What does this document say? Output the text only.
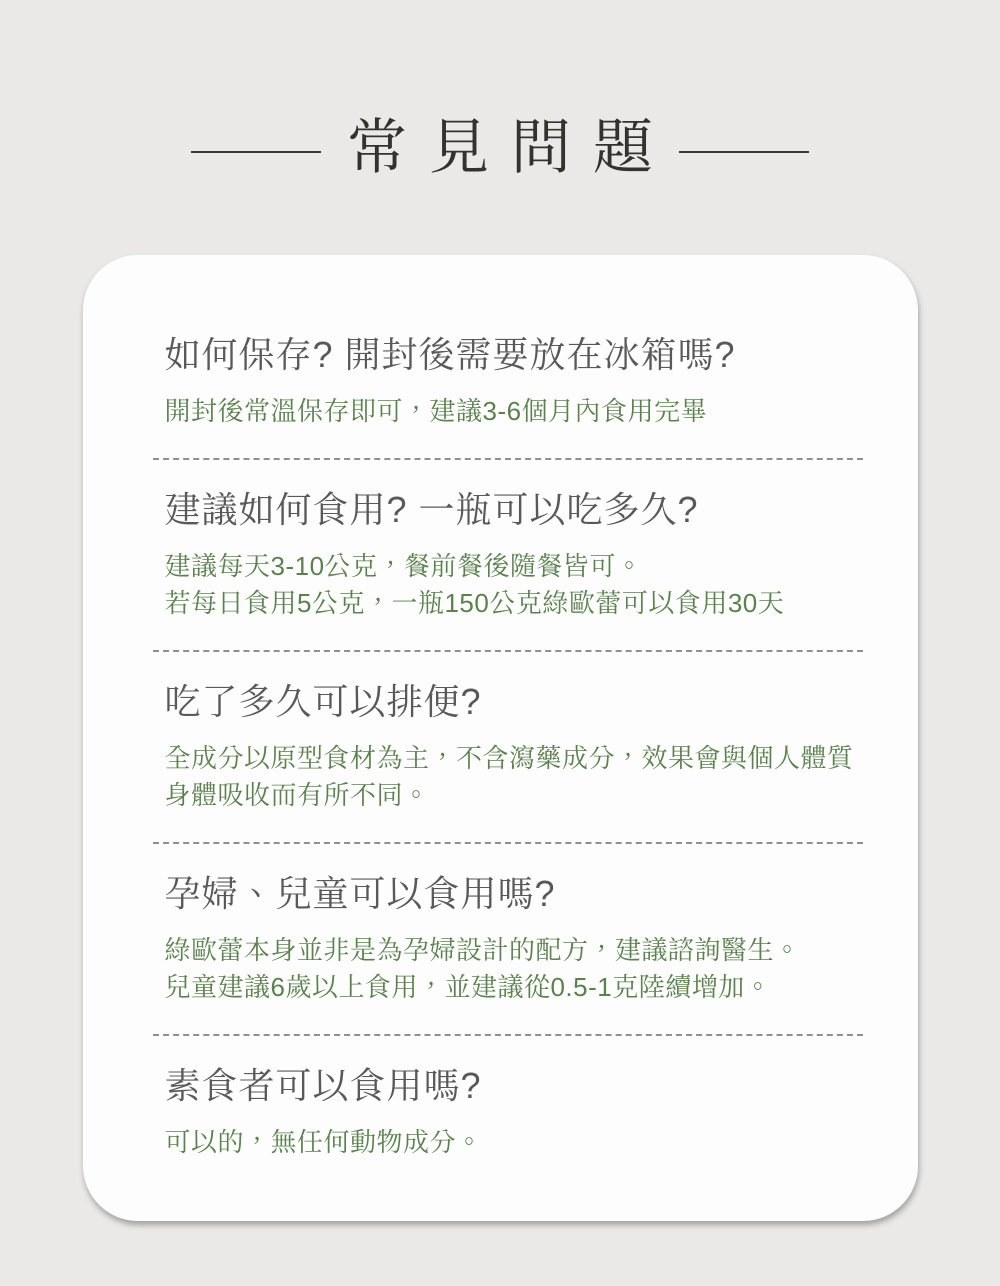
常見問題
如何保存? 開封後需要放在冰箱嗎?

開封後常溫保存即可，建議3-6個月內食用完畢

建議如何食用? 一瓶可以吃多久?

建議每天3-10公克，餐前餐後隨餐皆可。

若每日食用5公克，一瓶150公克綠歐蕾可以食用30天

吃了多久可以排便?

全成分以原型食材為主，不含瀉藥成分，效果會與個人體質

身體吸收而有所不同。

孕婦、兒童可以食用嗎?

綠歐蕾本身並非是為孕婦設計的配方，建議諮詢醫生。

兒童建議6歲以上食用，並建議從0.5-1克陸續增加。

素食者可以食用嗎?

可以的，無任何動物成分。
